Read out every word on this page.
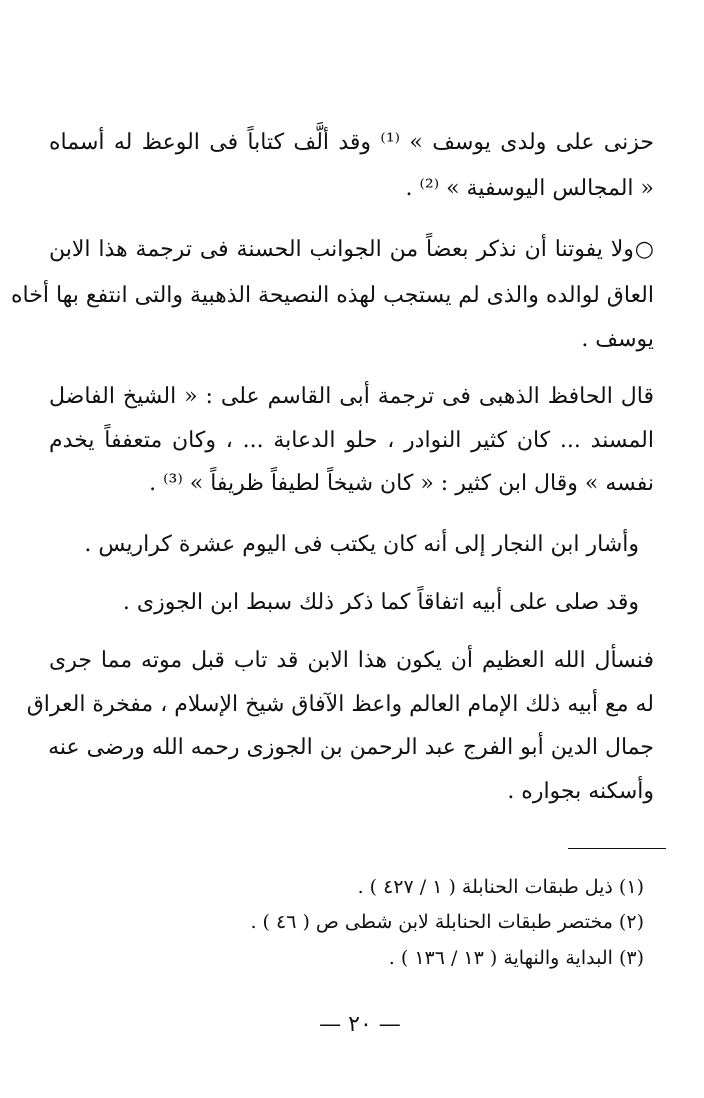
حزنى على ولدى يوسف » ⁽¹⁾ وقد ألَّف كتاباً فى الوعظ له أسماه
« المجالس اليوسفية » ⁽²⁾ .
○ولا يفوتنا أن نذكر بعضاً من الجوانب الحسنة فى ترجمة هذا الابن
العاق لوالده والذى لم يستجب لهذه النصيحة الذهبية والتى انتفع بها أخاه
يوسف .
قال الحافظ الذهبى فى ترجمة أبى القاسم على : « الشيخ الفاضل
المسند ... كان كثير النوادر ، حلو الدعابة ... ، وكان متعففاً يخدم
نفسه » وقال ابن كثير : « كان شيخاً لطيفاً ظريفاً » ⁽³⁾ .
وأشار ابن النجار إلى أنه كان يكتب فى اليوم عشرة كراريس .
وقد صلى على أبيه اتفاقاً كما ذكر ذلك سبط ابن الجوزى .
فنسأل الله العظيم أن يكون هذا الابن قد تاب قبل موته مما جرى
له مع أبيه ذلك الإمام العالم واعظ الآفاق شيخ الإسلام ، مفخرة العراق
جمال الدين أبو الفرج عبد الرحمن بن الجوزى رحمه الله ورضى عنه
وأسكنه بجواره .
(١) ذيل طبقات الحنابلة ( ١ / ٤٢٧ ) .
(٢) مختصر طبقات الحنابلة لابن شطى ص ( ٤٦ ) .
(٣) البداية والنهاية ( ١٣ / ١٣٦ ) .
— ٢٠ —
